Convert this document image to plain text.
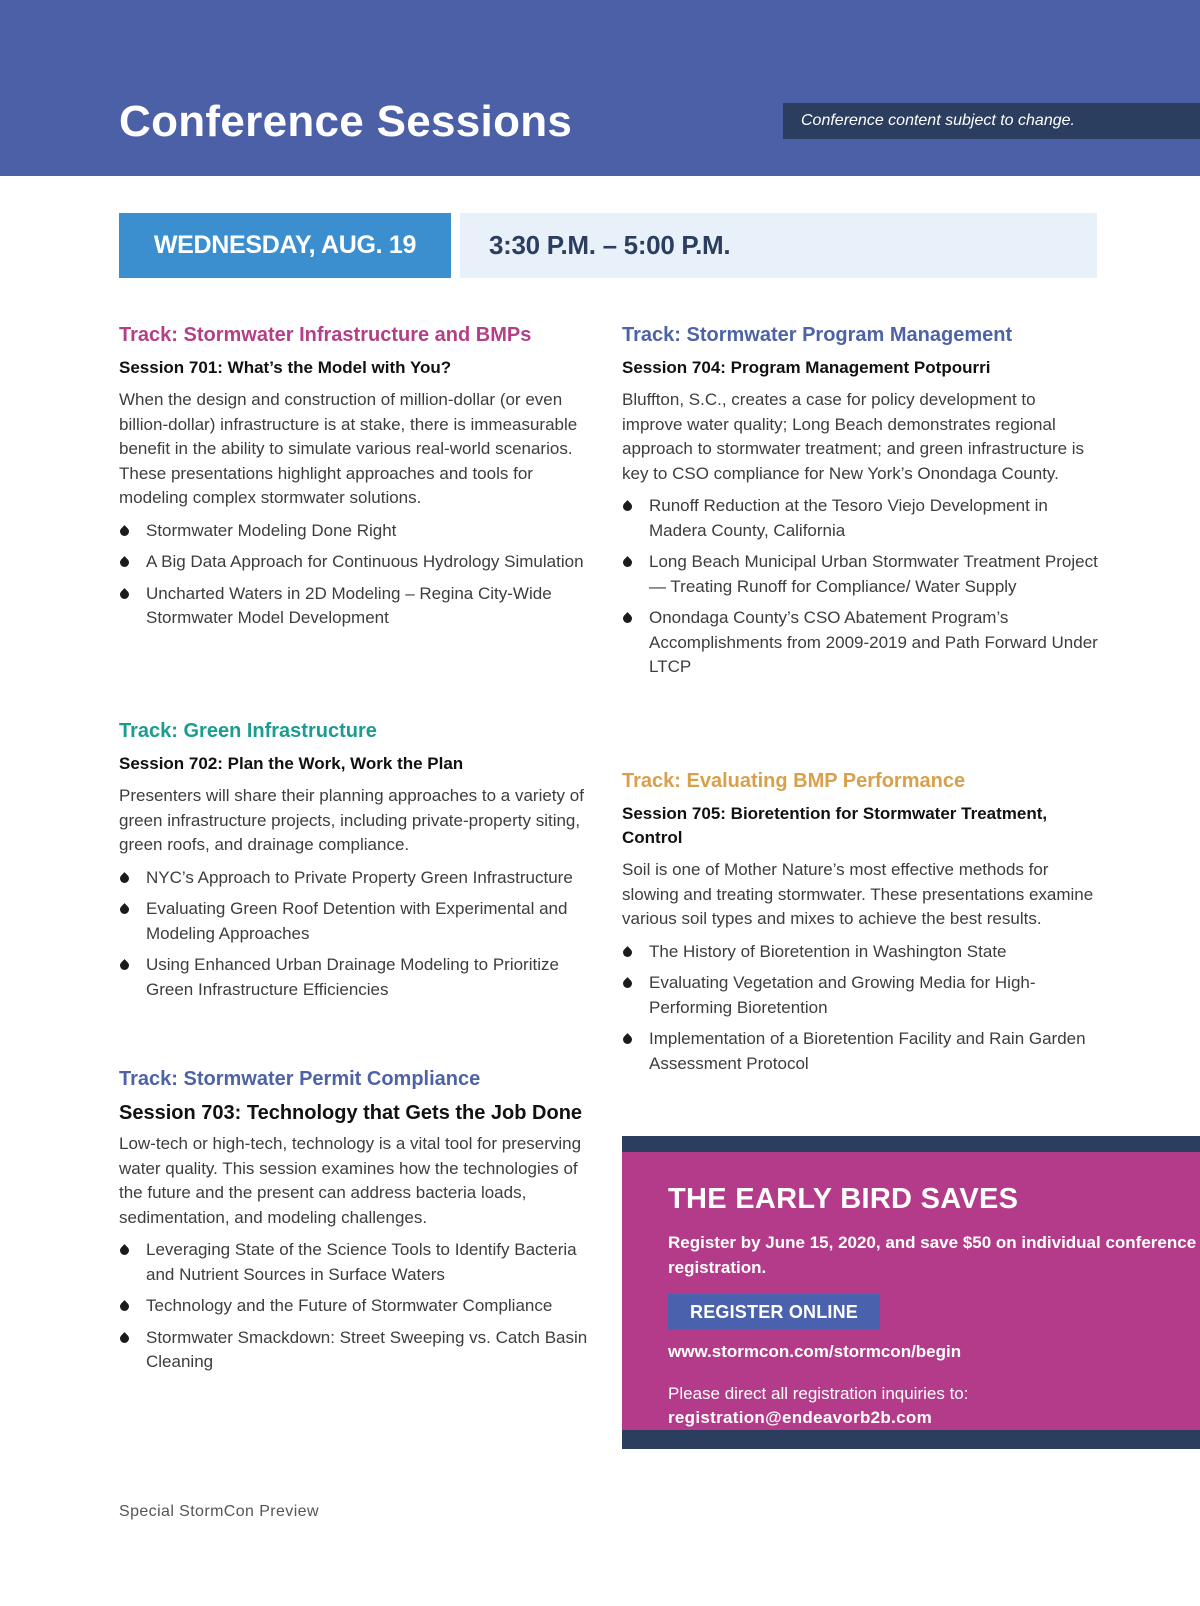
Conference Sessions	Conference content subject to change.
WEDNESDAY, AUG. 19	3:30 P.M. – 5:00 P.M.
Track: Stormwater Infrastructure and BMPs

Session 701: What’s the Model with You?

When the design and construction of million-dollar (or even billion-dollar) infrastructure is at stake, there is immeasurable benefit in the ability to simulate various real-world scenarios. These presentations highlight approaches and tools for modeling complex stormwater solutions.

Stormwater Modeling Done Right
A Big Data Approach for Continuous Hydrology Simulation
Uncharted Waters in 2D Modeling – Regina City-Wide Stormwater Model Development
Track: Green Infrastructure

Session 702: Plan the Work, Work the Plan

Presenters will share their planning approaches to a variety of green infrastructure projects, including private-property siting, green roofs, and drainage compliance.

NYC’s Approach to Private Property Green Infrastructure
Evaluating Green Roof Detention with Experimental and Modeling Approaches
Using Enhanced Urban Drainage Modeling to Prioritize Green Infrastructure Efficiencies
Track: Stormwater Permit Compliance

Session 703: Technology that Gets the Job Done

Low-tech or high-tech, technology is a vital tool for preserving water quality. This session examines how the technologies of the future and the present can address bacteria loads, sedimentation, and modeling challenges.

Leveraging State of the Science Tools to Identify Bacteria and Nutrient Sources in Surface Waters
Technology and the Future of Stormwater Compliance
Stormwater Smackdown: Street Sweeping vs. Catch Basin Cleaning
Track: Stormwater Program Management

Session 704: Program Management Potpourri

Bluffton, S.C., creates a case for policy development to improve water quality; Long Beach demonstrates regional approach to stormwater treatment; and green infrastructure is key to CSO compliance for New York’s Onondaga County.

Runoff Reduction at the Tesoro Viejo Development in Madera County, California
Long Beach Municipal Urban Stormwater Treatment Project — Treating Runoff for Compliance/ Water Supply
Onondaga County’s CSO Abatement Program’s Accomplishments from 2009-2019 and Path Forward Under LTCP
Track: Evaluating BMP Performance

Session 705: Bioretention for Stormwater Treatment, Control

Soil is one of Mother Nature’s most effective methods for slowing and treating stormwater. These presentations examine various soil types and mixes to achieve the best results.

The History of Bioretention in Washington State
Evaluating Vegetation and Growing Media for High-Performing Bioretention
Implementation of a Bioretention Facility and Rain Garden Assessment Protocol
THE EARLY BIRD SAVES

Register by June 15, 2020, and save $50 on individual conference registration.

REGISTER ONLINE
www.stormcon.com/stormcon/begin
Please direct all registration inquiries to:
registration@endeavorb2b.com
Special StormCon Preview
